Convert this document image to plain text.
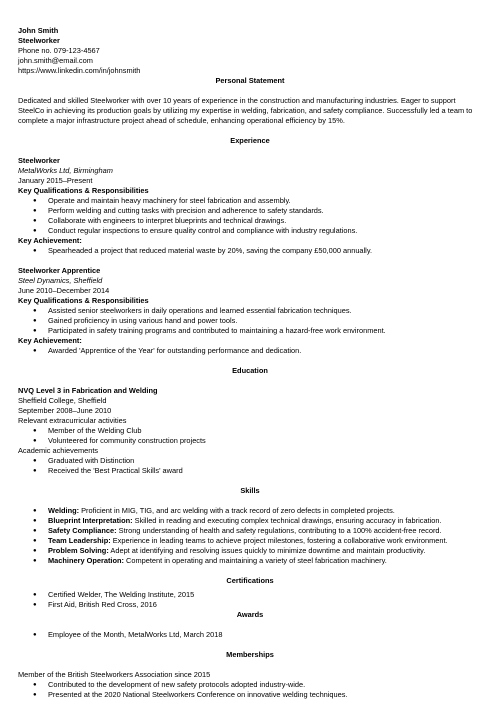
John Smith
Steelworker
Phone no. 079-123-4567
john.smith@email.com
https://www.linkedin.com/in/johnsmith
Personal Statement
Dedicated and skilled Steelworker with over 10 years of experience in the construction and manufacturing industries. Eager to support SteelCo in achieving its production goals by utilizing my expertise in welding, fabrication, and safety compliance. Successfully led a team to complete a major infrastructure project ahead of schedule, enhancing operational efficiency by 15%.
Experience
Steelworker
MetalWorks Ltd, Birmingham
January 2015–Present
Key Qualifications & Responsibilities
● Operate and maintain heavy machinery for steel fabrication and assembly.
● Perform welding and cutting tasks with precision and adherence to safety standards.
● Collaborate with engineers to interpret blueprints and technical drawings.
● Conduct regular inspections to ensure quality control and compliance with industry regulations.
Key Achievement:
● Spearheaded a project that reduced material waste by 20%, saving the company £50,000 annually.
Steelworker Apprentice
Steel Dynamics, Sheffield
June 2010–December 2014
Key Qualifications & Responsibilities
● Assisted senior steelworkers in daily operations and learned essential fabrication techniques.
● Gained proficiency in using various hand and power tools.
● Participated in safety training programs and contributed to maintaining a hazard-free work environment.
Key Achievement:
● Awarded 'Apprentice of the Year' for outstanding performance and dedication.
Education
NVQ Level 3 in Fabrication and Welding
Sheffield College, Sheffield
September 2008–June 2010
Relevant extracurricular activities
● Member of the Welding Club
● Volunteered for community construction projects
Academic achievements
● Graduated with Distinction
● Received the 'Best Practical Skills' award
Skills
● Welding: Proficient in MIG, TIG, and arc welding with a track record of zero defects in completed projects.
● Blueprint Interpretation: Skilled in reading and executing complex technical drawings, ensuring accuracy in fabrication.
● Safety Compliance: Strong understanding of health and safety regulations, contributing to a 100% accident-free record.
● Team Leadership: Experience in leading teams to achieve project milestones, fostering a collaborative work environment.
● Problem Solving: Adept at identifying and resolving issues quickly to minimize downtime and maintain productivity.
● Machinery Operation: Competent in operating and maintaining a variety of steel fabrication machinery.
Certifications
● Certified Welder, The Welding Institute, 2015
● First Aid, British Red Cross, 2016
Awards
● Employee of the Month, MetalWorks Ltd, March 2018
Memberships
Member of the British Steelworkers Association since 2015
● Contributed to the development of new safety protocols adopted industry-wide.
● Presented at the 2020 National Steelworkers Conference on innovative welding techniques.
